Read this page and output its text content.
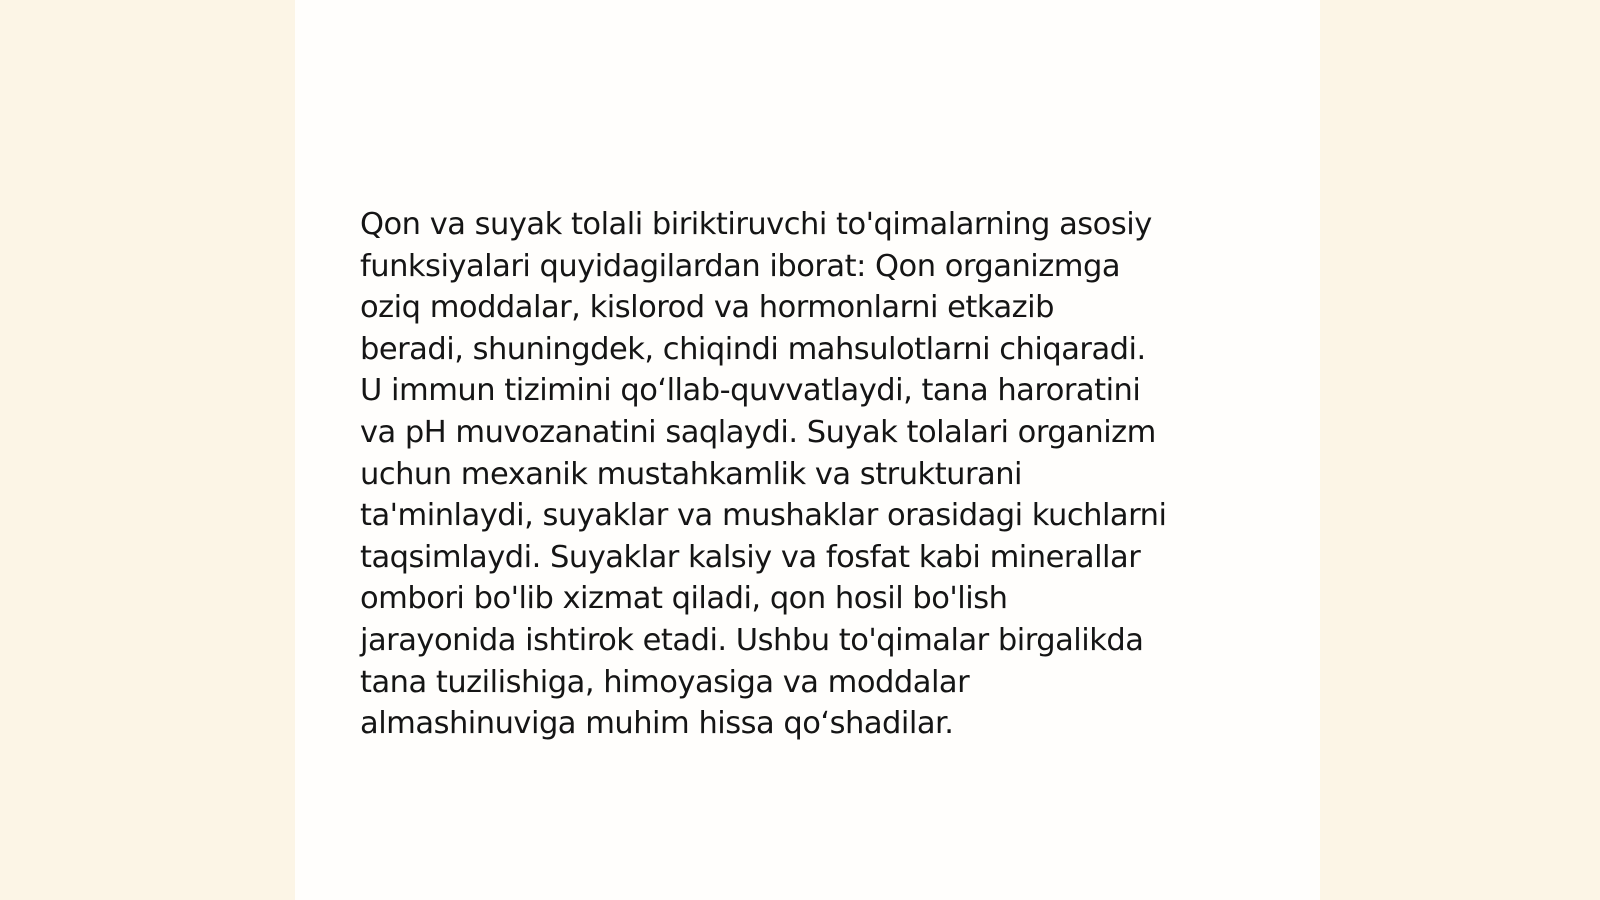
Qon va suyak tolali biriktiruvchi to'qimalarning asosiy
funksiyalari quyidagilardan iborat: Qon organizmga
oziq moddalar, kislorod va hormonlarni etkazib
beradi, shuningdek, chiqindi mahsulotlarni chiqaradi.
U immun tizimini qo‘llab-quvvatlaydi, tana haroratini
va pH muvozanatini saqlaydi. Suyak tolalari organizm
uchun mexanik mustahkamlik va strukturani
ta'minlaydi, suyaklar va mushaklar orasidagi kuchlarni
taqsimlaydi. Suyaklar kalsiy va fosfat kabi minerallar
ombori bo'lib xizmat qiladi, qon hosil bo'lish
jarayonida ishtirok etadi. Ushbu to'qimalar birgalikda
tana tuzilishiga, himoyasiga va moddalar
almashinuviga muhim hissa qo‘shadilar.
